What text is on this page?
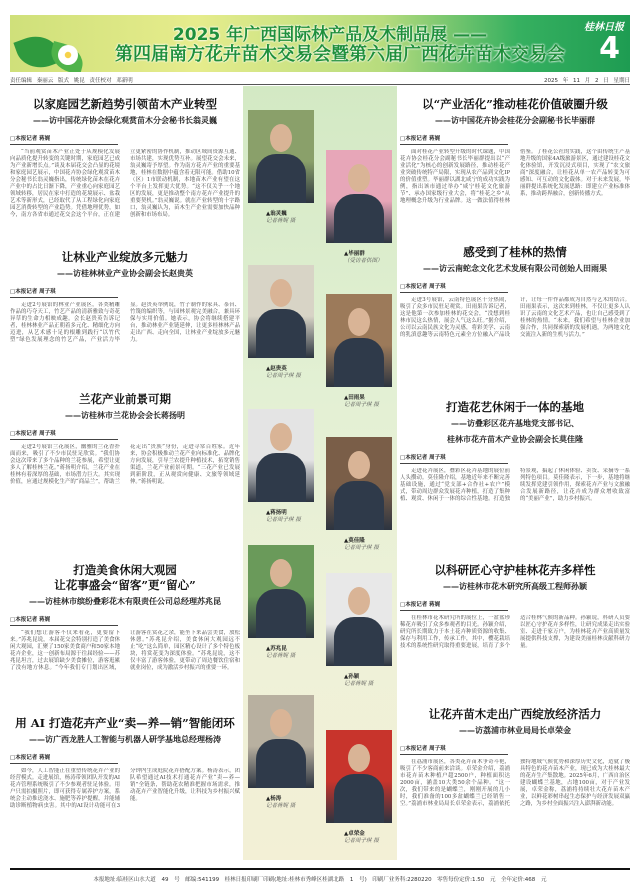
2025 年广西国际林产品及木制品展 ——
第四届南方花卉苗木交易会暨第六届广西花卉苗木交易会
桂林日报
4
责任编辑 秦丽云 版式 姚昆 责任校对 邓新明	2025 年 11 月 2 日 星期日
以家庭园艺新趋势引领苗木产业转型
——访中国花卉协会绿化观赏苗木分会秘书长翁灵巍
□本报记者 蒋娓
“当前观赏苗木产业正处于从规模化发展向品质化提升转变的关键时期，家庭园艺已成为产业新增长点。”谈及本届花交会凸显的花境和家庭园艺展示，中国花卉协会绿化观赏苗木分会秘书长翁灵巍指出，传统绿化苗木在花卉产业中的占比日渐下降，产业重心向家庭园艺领域转移，居民在家中打造的花境展示、盆栽艺术等新形式，已经取代了从工程绿化向家庭园艺消费转型的产业趋势。凭借地理优势，如今，南方各省市通过花交会这个平台，正在建立更紧密的协作机制，推动区域间资源互通、市场共建，实现优势互补。展望花交会未来，翁灵巍寄予厚望。作为南方花卉产业的重要基地，桂林在数据中蕴含着无限可能。借助10省（区）1市联动机制，本地苗木产业有望在这个平台上发挥更大优势。“这不仅关乎一个地区的发展，更是推动整个南方花卉产业提升的重要契机。”翁灵巍说。就在产业转型的十字路口，翁灵巍认为，苗木生产企业需要加快品种创新和市场布局。
让林业产业绽放多元魅力
——访桂林林业产业协会副会长赵贵英
□本报记者 周子琪
走进2号展馆的林业产业展区，各类精雕作品的巧夺天工，竹艺产品的清新雅致与奇花异草的生命力相映成趣。会长赵贵英告诉记者，桂林林业产品正朝着多元化、精细化方向迈进，从艺术感十足的根雕到践行“以竹代塑”绿色发展理念的竹艺产品，产业活力毕显。赵贵英举例说，竹子制作的家具、茶台、竹篾的编织等，与园林景观完美融合，兼具环保与实用价值。她表示，协会将继续搭建平台，推动林业产业链延伸，让更多桂林林产品走出广西、走向全国，让林业产业绽放多元魅力。
兰花产业前景可期
——访桂林市兰花协会会长蒋扬明
□本报记者 周子琪
走进2号展馆兰花展区，幽雅的兰花香扑面而来，吸引了不少市民驻足欣赏。“我们协会这次带来了多个品种的兰花参展，希望让更多人了解桂林兰花。”蒋扬明介绍，兰花产业在桂林有着深厚的基础，市场潜力巨大。其实现价值，应通过规模化生产的“商品兰”，帮助兰花走出“贵族”身份，走进寻常百姓家。近年来，协会积极推动兰花产业向标准化、品牌化方向发展，引导兰农提升种植技术，拓宽销售渠道，兰花产业前景可期。“三花产业已发展到新阶段，正从观赏向健康、文旅等领域延伸。”蒋扬明说。
打造美食休闲大观园
让花事盛会“留客”更“留心”
——访桂林市缤纷叠彩花木有限责任公司总经理苏兆昆
□本报记者 蒋娓
“我们想让游客不仅来看花，更要留下来。”苏兆昆说，本届花交会特别打造了美食休闲大观园，汇聚了150家美食商户和50家本地花卉企业，这一创新布局源于往届经验——苏兆昆坦言，过去展馆缺少美食摊位，游客逛累了没有地方休息。“今年我们专门划出区域，让游客在赏花之余，能坐下来品尝美食，放松休憩。”苏兆昆介绍，美食休闲大观园远不止“吃”这么简单，园区精心设计了多个特色板块，将赏花变为深度体验。“苏兆昆说，这不仅丰富了游客体验，更带动了周边餐饮住宿和就业岗位，成为激活乡村振兴的重要一环。
用 AI 打造花卉产业“卖—养—销”智能闭环
——访广西龙胜人工智能与机器人研学基地总经理杨涛
□本报记者 蒋娓
如今，人工智能正在重塑传统花卉产业的经营模式。走进展馆，杨涛带领团队开发的AI花卉管理系统吸引了不少参观者驻足体验。用户只需拍摄照片，即可获得专属养护方案，系统会主动推送浇水、施肥等养护提醒，并能辅助诊断植物病虫害。其中的AI设计功能可在3分钟内生成庭院花卉搭配方案。杨涛表示，团队希望通过AI技术打通花卉产业“卖—养—销”全链条，帮助花农精准把握市场需求，推动花卉产业智能化升级，让科技为乡村振兴赋能。
以“产业活化”推动桂花价值破圈升级
——访中国花卉协会桂花分会副秘书长毕丽群
□本报记者 蒋娓
面对桂花产业转型升级的时代课题，中国花卉协会桂花分会副秘书长毕丽群提出以“产业活化”为核心的创新发展路径，推动桂花产业突破传统特产局限，实现从农产品到文化IP的价值重塑。毕丽群以湖北咸宁的成功实践为例，指出该市通过举办“咸宁桂花文化旅游节”、承办国家级行业大会，将“桂花之乡”从地理概念升级为行业品牌。这一做法值得桂林借鉴。了桂花公社的实践，这个由传统生产基地升级的国家4A级旅游景区，通过建设桂花文化体验馆，开发沉浸式项目，实现了“农文旅商”深度融合，让桂花从单一农产品转变为可感知、可互动的文化载体。对于未来发展，毕丽群提出系统化发展思路：即建立产业标准体系，推动跨界融合，创新传播方式。
感受到了桂林的热情
——访云南蛇念文化艺术发展有限公司创始人田雨果
□本报记者 周子琪
走进3号展馆，云南特色展区十分热闹，吸引了众多市民驻足观赏。田雨果告诉记者，这是他第一次参加桂林的花交会，“没想到桂林市民这么热情，展会人气这么旺。”据介绍，公司以云南民族文化为灵感，将彩美学、云南的乳滇意趣等云南特色元素全方位融入产品设计，让每一件作品都成为自然与艺术的结合。田雨果表示，这次来到桂林，不仅让更多人认识了云南的文化艺术产品，也让自己感受到了桂林的热情。“未来，我们希望与桂林企业加强合作，共同探索新的发展机遇，为两地文化交流注入新的生机与活力。”
打造花艺休闲于一体的基地
——访叠彩区花卉基地党支部书记、
桂林市花卉苗木产业协会副会长莫佳隆
□本报记者 周子琪
走进花卉展区，叠彩区花卉基地的展位前人头攒动。莫佳隆介绍，基地近年来不断完善基础设施，通过“党支部+合作社+农户”模式，带动周边群众发展花卉种植，打造了集种植、观赏、休闲于一体的综合性基地。打造独特景观，搞起了休闲体验、卖货、采摘等一系列特色项目。莫佳隆表示，下一步，基地将继续发挥党建引领作用，探索花卉产业与文旅融合发展新路径，让花卉成为群众增收致富的“美丽产业”，助力乡村振兴。
以科研匠心守护桂林花卉多样性
——访桂林市花木研究所高级工程师孙颖
□本报记者 蒋娓
在桂林市花木研究所的展位上，一盆盆珍稀花卉吸引了众多参观者的目光。孙颖介绍，研究所长期致力于本土花卉种质资源的收集、保存与利用工作，传承工作，其中，樱花栽培技术的系统性研究取得重要进展，培育了多个适合桂林气候的新品种。孙颖说，科研人员要以匠心守护花卉多样性，让研究成果走出实验室、走进千家万户，为桂林花卉产业高质量发展提供科技支撑，为建设美丽桂林贡献科研力量。
让花卉苗木走出广西绽放经济活力
——访荔浦市林业局局长卓荣金
□本报记者 周子琪
在荔浦市展区，各类花卉苗木争奇斗艳，吸引了不少客商前来洽谈。卓荣金介绍，荔浦市花卉苗木种植户超2500户，种植面积达2000亩，涵盖10大类50余个品种。“这一次，我们带来的是蝴蝶兰，刚刚开展的几小时，我们准备的100多盆蝴蝶兰已经销售一空。”荔浦市林业局局长卓荣金表示，荔浦依托独特地域气候优势和深厚历史文化，造就了极具特色的花卉苗木产业，现已成为大桂林最大的花卉生产集散地。2025年6月，广西自治区建设蝴蝶兰基地，占地100亩，对于产业发展，卓荣金称，荔浦将持续壮大花卉苗木产业，以鲜花彩树串起生态保护与经济发展双赢之路，为乡村全面振兴注入澎湃新动能。
▲翁灵巍
记者蒋娓 摄
▲毕丽群
（受访者供图）
▲赵贵英
记者周子琪 摄
▲田雨果
记者周子琪 摄
▲蒋扬明
记者周子琪 摄
▲莫佳隆
记者周子琪 摄
▲苏兆昆
记者蒋娓 摄
▲孙颖
记者蒋娓 摄
▲杨涛
记者蒋娓 摄
▲卓荣金
记者周子琪 摄
本报地址:临桂区山水大道 49 号　邮编:541199　桂林日报印刷厂印刷(地址:桂林市秀峰区桂湖北路 1 号)　印刷厂业务科:2280220　零售每份定价:1.50 元　全年定价:468 元
